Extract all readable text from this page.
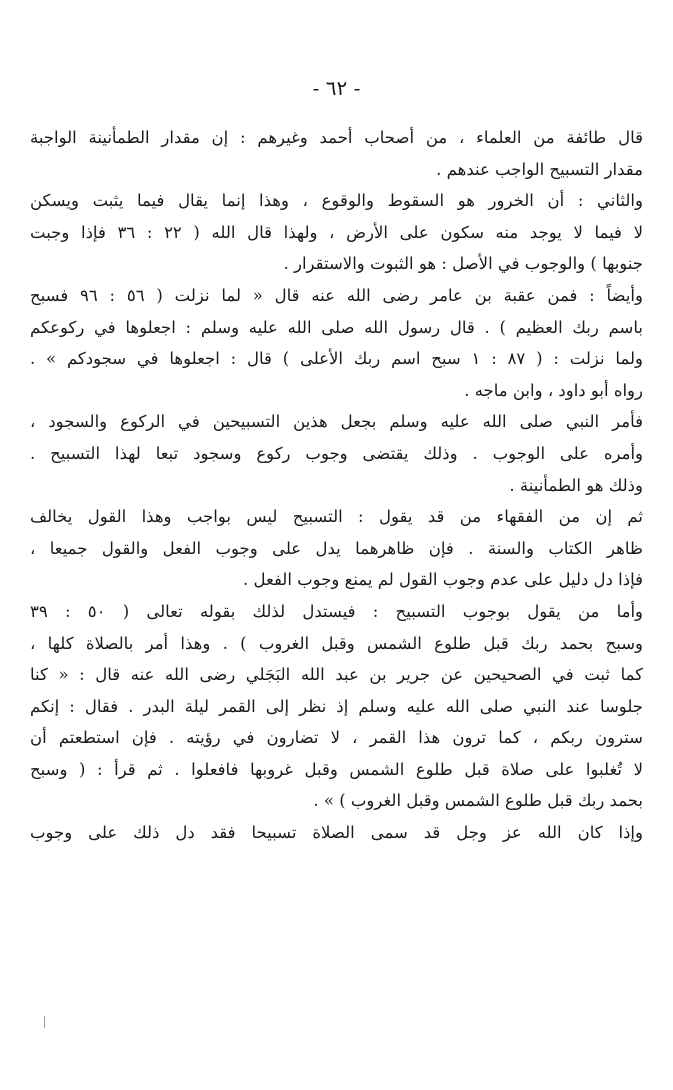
- ٦٢ -
قال طائفة من العلماء ، من أصحاب أحمد وغيرهم : إن مقدار الطمأنينة الواجبة
مقدار التسبيح الواجب عندهم .
والثاني : أن الخرور هو السقوط والوقوع ، وهذا إنما يقال فيما يثبت ويسكن
لا فيما لا يوجد منه سكون على الأرض ، ولهذا قال الله ( ٢٢ : ٣٦ فإذا وجبت
جنوبها ) والوجوب في الأصل : هو الثبوت والاستقرار .
وأيضاً : فمن عقبة بن عامر رضى الله عنه قال « لما نزلت ( ٥٦ : ٩٦ فسبح
باسم ربك العظيم ) . قال رسول الله صلى الله عليه وسلم : اجعلوها في ركوعكم
ولما نزلت : ( ٨٧ : ١ سبح اسم ربك الأعلى ) قال : اجعلوها في سجودكم » .
رواه أبو داود ، وابن ماجه .
فأمر النبي صلى الله عليه وسلم بجعل هذين التسبيحين في الركوع والسجود ،
وأمره على الوجوب . وذلك يقتضى وجوب ركوع وسجود تبعا لهذا التسبيح .
وذلك هو الطمأنينة .
ثم إن من الفقهاء من قد يقول : التسبيح ليس بواجب وهذا القول يخالف
ظاهر الكتاب والسنة . فإن ظاهرهما يدل على وجوب الفعل والقول جميعا ،
فإذا دل دليل على عدم وجوب القول لم يمنع وجوب الفعل .
وأما من يقول بوجوب التسبيح : فيستدل لذلك بقوله تعالى ( ٥٠ : ٣٩
وسبح بحمد ربك قبل طلوع الشمس وقبل الغروب ) . وهذا أمر بالصلاة كلها ،
كما ثبت في الصحيحين عن جرير بن عبد الله البَجَلي رضى الله عنه قال : « كنا
جلوسا عند النبي صلى الله عليه وسلم إذ نظر إلى القمر ليلة البدر . فقال : إنكم
سترون ربكم ، كما ترون هذا القمر ، لا تضارون في رؤيته . فإن استطعتم أن
لا تُغلبوا على صلاة قبل طلوع الشمس وقبل غروبها فافعلوا . ثم قرأ : ( وسبح
بحمد ربك قبل طلوع الشمس وقبل الغروب ) » .
وإذا كان الله عز وجل قد سمى الصلاة تسبيحا فقد دل ذلك على وجوب
